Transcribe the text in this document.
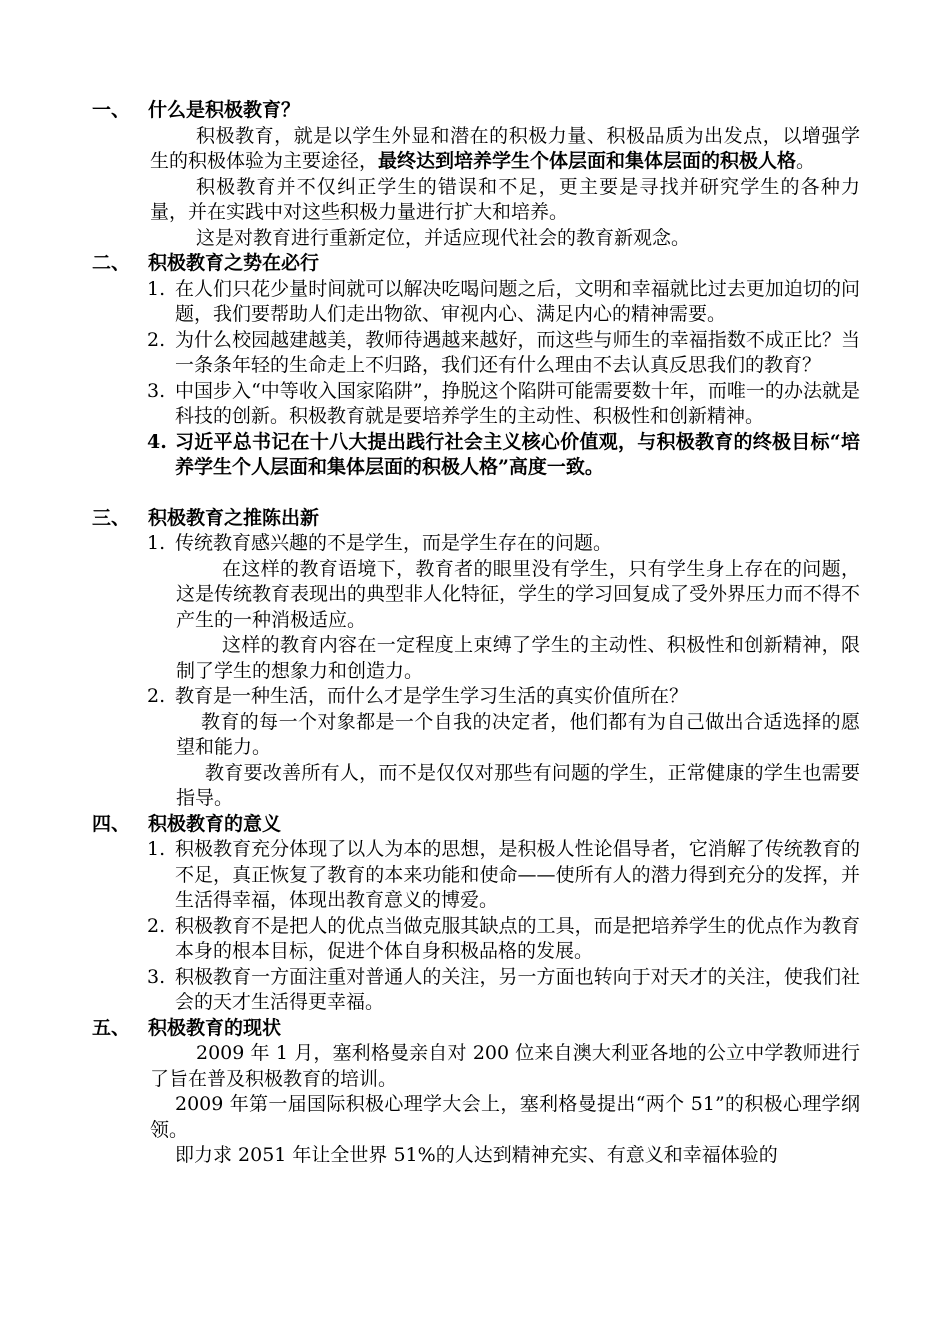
一、 什么是积极教育？
积极教育，就是以学生外显和潜在的积极力量、积极品质为出发点，以增强学生的积极体验为主要途径，最终达到培养学生个体层面和集体层面的积极人格。
积极教育并不仅纠正学生的错误和不足，更主要是寻找并研究学生的各种力量，并在实践中对这些积极力量进行扩大和培养。
这是对教育进行重新定位，并适应现代社会的教育新观念。
二、 积极教育之势在必行
1. 在人们只花少量时间就可以解决吃喝问题之后，文明和幸福就比过去更加迫切的问题，我们要帮助人们走出物欲、审视内心、满足内心的精神需要。
2. 为什么校园越建越美，教师待遇越来越好，而这些与师生的幸福指数不成正比？当一条条年轻的生命走上不归路，我们还有什么理由不去认真反思我们的教育？
3. 中国步入“中等收入国家陷阱”，挣脱这个陷阱可能需要数十年，而唯一的办法就是科技的创新。积极教育就是要培养学生的主动性、积极性和创新精神。
4. 习近平总书记在十八大提出践行社会主义核心价值观，与积极教育的终极目标“培养学生个人层面和集体层面的积极人格”高度一致。
三、 积极教育之推陈出新
1. 传统教育感兴趣的不是学生，而是学生存在的问题。
在这样的教育语境下，教育者的眼里没有学生，只有学生身上存在的问题，这是传统教育表现出的典型非人化特征，学生的学习回复成了受外界压力而不得不产生的一种消极适应。
这样的教育内容在一定程度上束缚了学生的主动性、积极性和创新精神，限制了学生的想象力和创造力。
2. 教育是一种生活，而什么才是学生学习生活的真实价值所在？
教育的每一个对象都是一个自我的决定者，他们都有为自己做出合适选择的愿望和能力。
教育要改善所有人，而不是仅仅对那些有问题的学生，正常健康的学生也需要指导。
四、 积极教育的意义
1. 积极教育充分体现了以人为本的思想，是积极人性论倡导者，它消解了传统教育的不足，真正恢复了教育的本来功能和使命——使所有人的潜力得到充分的发挥，并生活得幸福，体现出教育意义的博爱。
2. 积极教育不是把人的优点当做克服其缺点的工具，而是把培养学生的优点作为教育本身的根本目标，促进个体自身积极品格的发展。
3. 积极教育一方面注重对普通人的关注，另一方面也转向于对天才的关注，使我们社会的天才生活得更幸福。
五、 积极教育的现状
2009 年 1 月，塞利格曼亲自对 200 位来自澳大利亚各地的公立中学教师进行了旨在普及积极教育的培训。
2009 年第一届国际积极心理学大会上，塞利格曼提出“两个 51”的积极心理学纲领。
即力求 2051 年让全世界 51%的人达到精神充实、有意义和幸福体验的
